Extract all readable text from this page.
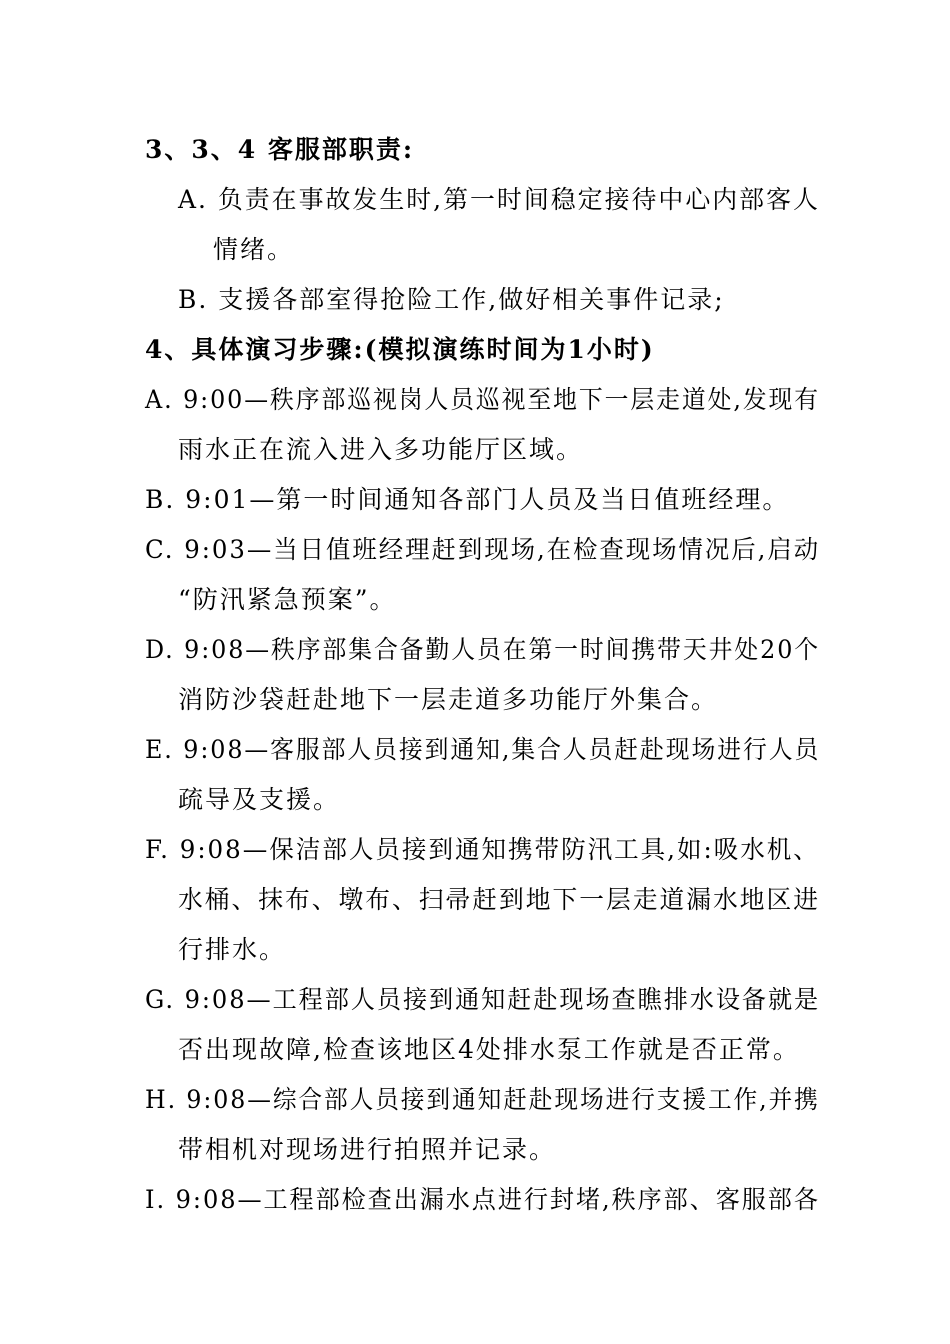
3、3、4 客服部职责:
A. 负责在事故发生时,第一时间稳定接待中心内部客人
情绪。
B. 支援各部室得抢险工作,做好相关事件记录;
4、具体演习步骤:(模拟演练时间为1小时)
A. 9:00—秩序部巡视岗人员巡视至地下一层走道处,发现有
雨水正在流入进入多功能厅区域。
B. 9:01—第一时间通知各部门人员及当日值班经理。
C. 9:03—当日值班经理赶到现场,在检查现场情况后,启动
“防汛紧急预案”。
D. 9:08—秩序部集合备勤人员在第一时间携带天井处20个
消防沙袋赶赴地下一层走道多功能厅外集合。
E. 9:08—客服部人员接到通知,集合人员赶赴现场进行人员
疏导及支援。
F. 9:08—保洁部人员接到通知携带防汛工具,如:吸水机、
水桶、抹布、墩布、扫帚赶到地下一层走道漏水地区进
行排水。
G. 9:08—工程部人员接到通知赶赴现场查瞧排水设备就是
否出现故障,检查该地区4处排水泵工作就是否正常。
H. 9:08—综合部人员接到通知赶赴现场进行支援工作,并携
带相机对现场进行拍照并记录。
I. 9:08—工程部检查出漏水点进行封堵,秩序部、客服部各
